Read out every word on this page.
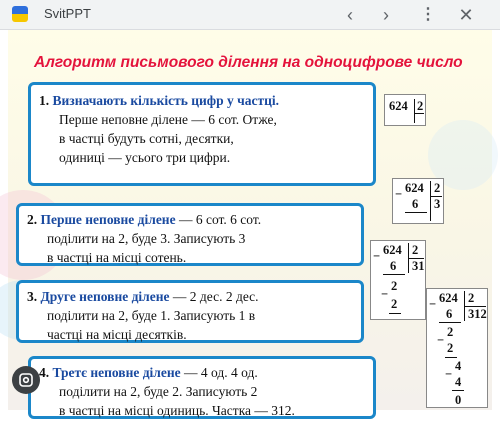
SvitPPT	‹	›	⋮ ✕
Алгоритм письмового ділення на одноцифрове число
1. Визначають кількість цифр у частці.
Перше неповне ділене — 6 сот. Отже,
в частці будуть сотні, десятки,
одиниці — усього три цифри.
2. Перше неповне ділене — 6 сот. 6 сот.
поділити на 2, буде 3. Записують 3
в частці на місці сотень.
3. Друге неповне ділене — 2 дес. 2 дес.
поділити на 2, буде 1. Записують 1 в
частці на місці десятків.
4. Третє неповне ділене — 4 од. 4 од.
поділити на 2, буде 2. Записують 2
в частці на місці одиниць. Частка — 312.
624 2
− 624 2
6 3
− 624 2
6 31
−
2
2	− 624 2
6 312
−
2
2
−
4
4
0
